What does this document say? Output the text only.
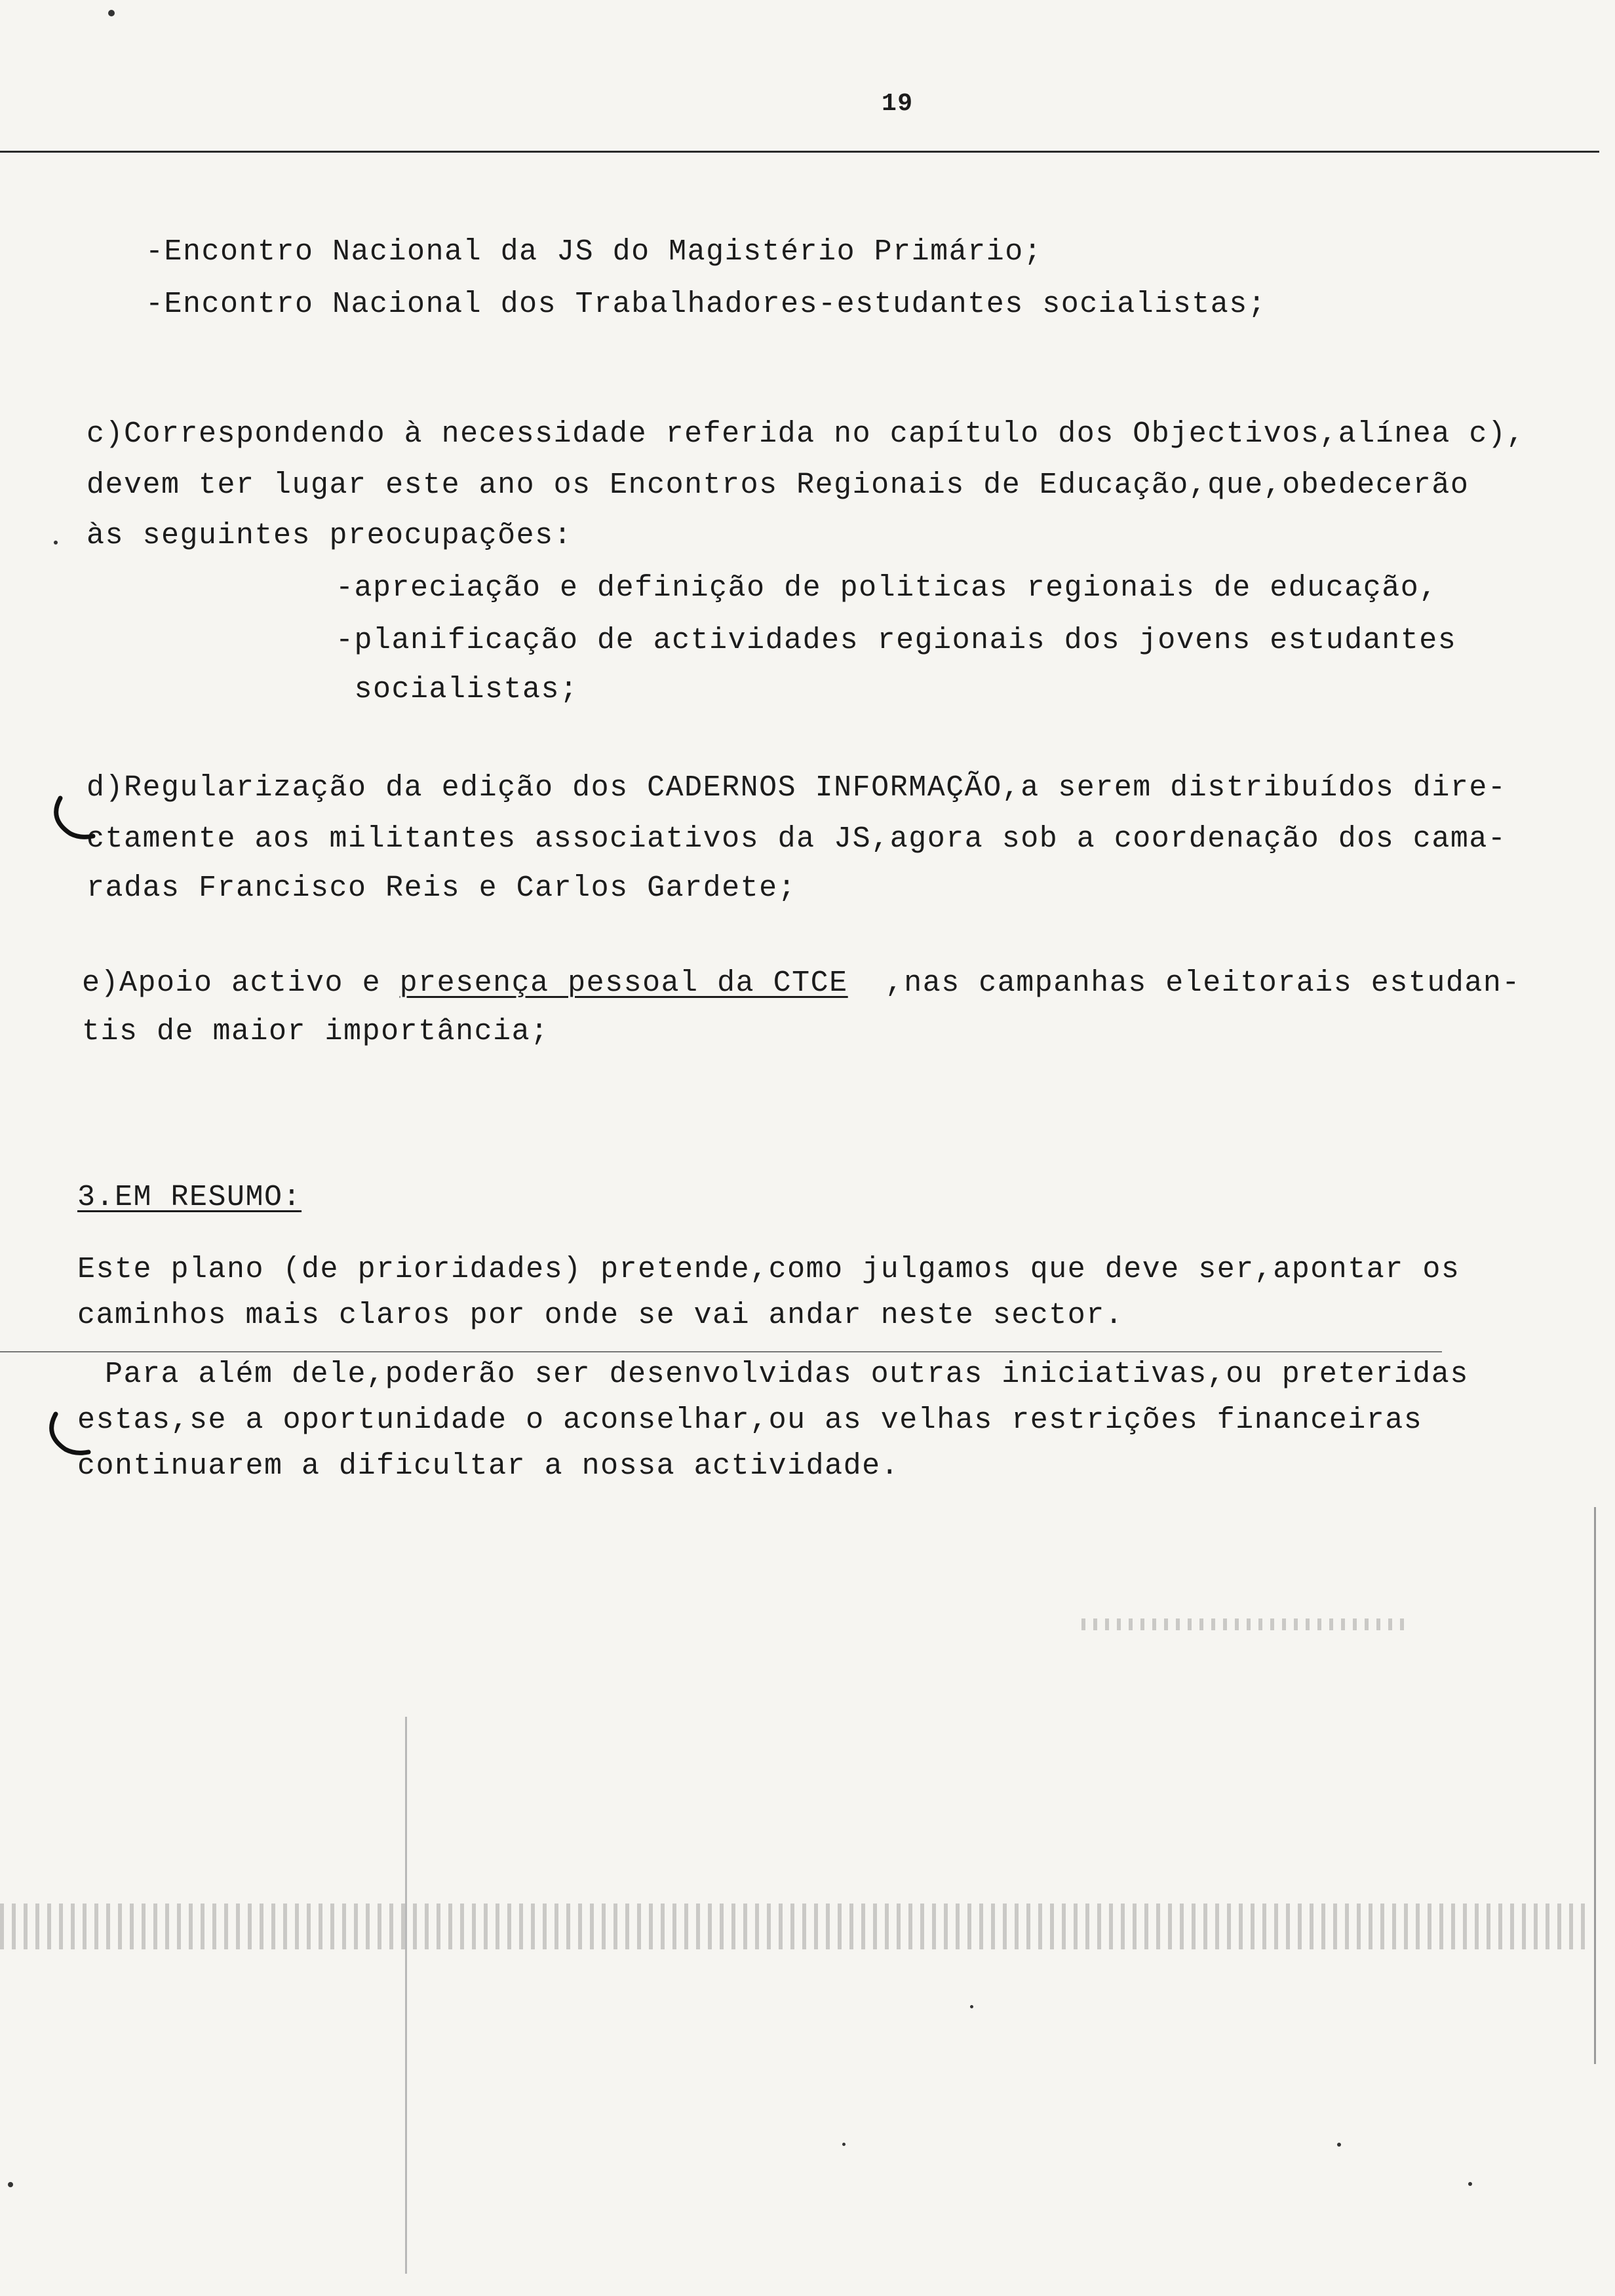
19
-Encontro Nacional da JS do Magistério Primário;
-Encontro Nacional dos Trabalhadores-estudantes socialistas;
c)Correspondendo à necessidade referida no capítulo dos Objectivos,alínea c),
devem ter lugar este ano os Encontros Regionais de Educação,que,obedecerão
às seguintes preocupações:
-apreciação e definição de politicas regionais de educação,
-planificação de actividades regionais dos jovens estudantes
socialistas;
d)Regularização da edição dos CADERNOS INFORMAÇÃO,a serem distribuídos dire-
ctamente aos militantes associativos da JS,agora sob a coordenação dos cama-
radas Francisco Reis e Carlos Gardete;
e)Apoio activo e presença pessoal da CTCE  ,nas campanhas eleitorais estudan-
tis de maior importância;
3.EM RESUMO:
Este plano (de prioridades) pretende,como julgamos que deve ser,apontar os
caminhos mais claros por onde se vai andar neste sector.
Para além dele,poderão ser desenvolvidas outras iniciativas,ou preteridas
estas,se a oportunidade o aconselhar,ou as velhas restrições financeiras
continuarem a dificultar a nossa actividade.
